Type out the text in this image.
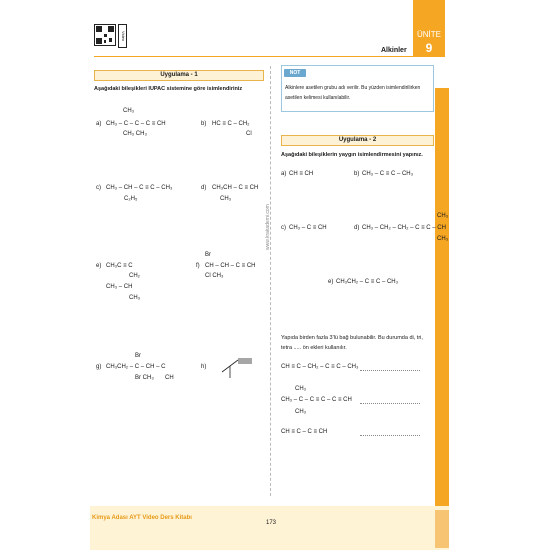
Video	ÜNİTE
9
Alkinler
www.krakademi.com
Uygulama - 1
Aşağıdaki bileşikleri IUPAC sistemine göre isimlendiriniz
a)
CH₃
CH₃ – C – C – C ≡ CH
CH₃ CH₃
b) HC ≡ C – CH₂
Cl
c) CH₃ – CH – C ≡ C – CH₃
C₂H₅
d) CH₃CH – C ≡ CH
CH₃
e) CH₃C ≡ C
CH₂
CH₃ – CH
CH₃
f)
Br
CH – CH – C ≡ CH
Cl CH₃
g)
Br
CH₃CH₂ – C – CH – C
Br CH₃ CH
h)
NOT
Alkinlere asetilen grubu adı verilir. Bu yüzden isimlendirilirken
asetilen kelimesi kullanılabilir.
Uygulama - 2
Aşağıdaki bileşiklerin yaygın isimlendirmesini yapınız.
a) CH ≡ CH	b) CH₃ – C ≡ C – CH₃
c) CH₃ – C ≡ CH	d)
CH₃
CH₃ – CH₂ – CH₂ – C ≡ C – CH
CH₃
e) CH₃CH₂ – C ≡ C – CH₃
Yapıda birden fazla 3'lü bağ bulunabilir. Bu durumda di, tri,
tetra ..... ön ekleri kullanılır.
CH ≡ C – CH₂ – C ≡ C – CH₃
CH₃
CH₃ – C – C ≡ C – C ≡ CH
CH₃
CH ≡ C – C ≡ CH
Kimya Adası AYT Video Ders Kitabı
173
